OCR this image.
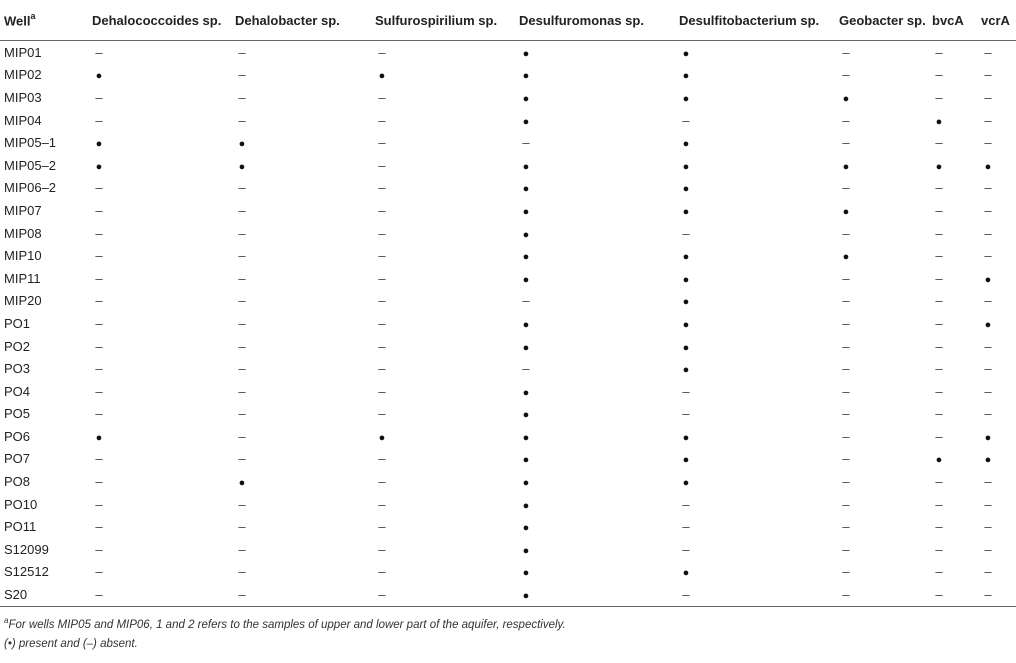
Well$^a$	Dehalococcoides sp.	Dehalobacter sp.	Sulfurospirilium sp.	Desulfuromonas sp.	Desulfitobacterium sp.	Geobacter sp.	bvcA	vcrA
MIP01	–	–	–	●	●	–	–	–
MIP02	●	–	●	●	●	–	–	–
MIP03	–	–	–	●	●	●	–	–
MIP04	–	–	–	●	–	–	●	–
MIP05–1	●	●	–	–	●	–	–	–
MIP05–2	●	●	–	●	●	●	●	●
MIP06–2	–	–	–	●	●	–	–	–
MIP07	–	–	–	●	●	●	–	–
MIP08	–	–	–	●	–	–	–	–
MIP10	–	–	–	●	●	●	–	–
MIP11	–	–	–	●	●	–	–	●
MIP20	–	–	–	–	●	–	–	–
PO1	–	–	–	●	●	–	–	●
PO2	–	–	–	●	●	–	–	–
PO3	–	–	–	–	●	–	–	–
PO4	–	–	–	●	–	–	–	–
PO5	–	–	–	●	–	–	–	–
PO6	●	–	●	●	●	–	–	●
PO7	–	–	–	●	●	–	●	●
PO8	–	●	–	●	●	–	–	–
PO10	–	–	–	●	–	–	–	–
PO11	–	–	–	●	–	–	–	–
S12099	–	–	–	●	–	–	–	–
S12512	–	–	–	●	●	–	–	–
S20	–	–	–	●	–	–	–	–
$^a$For wells MIP05 and MIP06, 1 and 2 refers to the samples of upper and lower part of the aquifer, respectively.
(•) present and (–) absent.
